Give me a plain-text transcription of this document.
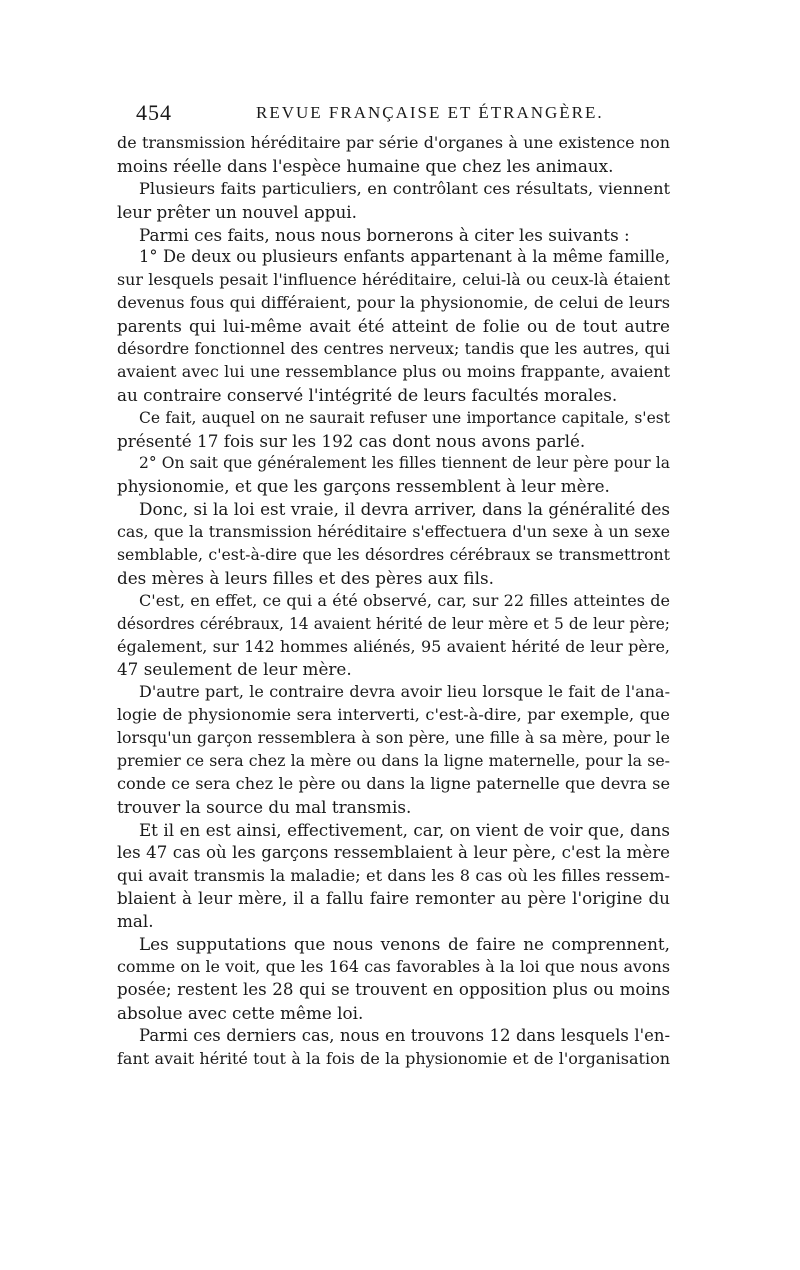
454	REVUE FRANÇAISE ET ÉTRANGÈRE.
de transmission héréditaire par série d'organes à une existence non
moins réelle dans l'espèce humaine que chez les animaux.
Plusieurs faits particuliers, en contrôlant ces résultats, viennent
leur prêter un nouvel appui.
Parmi ces faits, nous nous bornerons à citer les suivants :
1° De deux ou plusieurs enfants appartenant à la même famille,
sur lesquels pesait l'influence héréditaire, celui-là ou ceux-là étaient
devenus fous qui différaient, pour la physionomie, de celui de leurs
parents qui lui-même avait été atteint de folie ou de tout autre
désordre fonctionnel des centres nerveux; tandis que les autres, qui
avaient avec lui une ressemblance plus ou moins frappante, avaient
au contraire conservé l'intégrité de leurs facultés morales.
Ce fait, auquel on ne saurait refuser une importance capitale, s'est
présenté 17 fois sur les 192 cas dont nous avons parlé.
2° On sait que généralement les filles tiennent de leur père pour la
physionomie, et que les garçons ressemblent à leur mère.
Donc, si la loi est vraie, il devra arriver, dans la généralité des
cas, que la transmission héréditaire s'effectuera d'un sexe à un sexe
semblable, c'est-à-dire que les désordres cérébraux se transmettront
des mères à leurs filles et des pères aux fils.
C'est, en effet, ce qui a été observé, car, sur 22 filles atteintes de
désordres cérébraux, 14 avaient hérité de leur mère et 5 de leur père;
également, sur 142 hommes aliénés, 95 avaient hérité de leur père,
47 seulement de leur mère.
D'autre part, le contraire devra avoir lieu lorsque le fait de l'ana-
logie de physionomie sera interverti, c'est-à-dire, par exemple, que
lorsqu'un garçon ressemblera à son père, une fille à sa mère, pour le
premier ce sera chez la mère ou dans la ligne maternelle, pour la se-
conde ce sera chez le père ou dans la ligne paternelle que devra se
trouver la source du mal transmis.
Et il en est ainsi, effectivement, car, on vient de voir que, dans
les 47 cas où les garçons ressemblaient à leur père, c'est la mère
qui avait transmis la maladie; et dans les 8 cas où les filles ressem-
blaient à leur mère, il a fallu faire remonter au père l'origine du
mal.
Les supputations que nous venons de faire ne comprennent,
comme on le voit, que les 164 cas favorables à la loi que nous avons
posée; restent les 28 qui se trouvent en opposition plus ou moins
absolue avec cette même loi.
Parmi ces derniers cas, nous en trouvons 12 dans lesquels l'en-
fant avait hérité tout à la fois de la physionomie et de l'organisation
